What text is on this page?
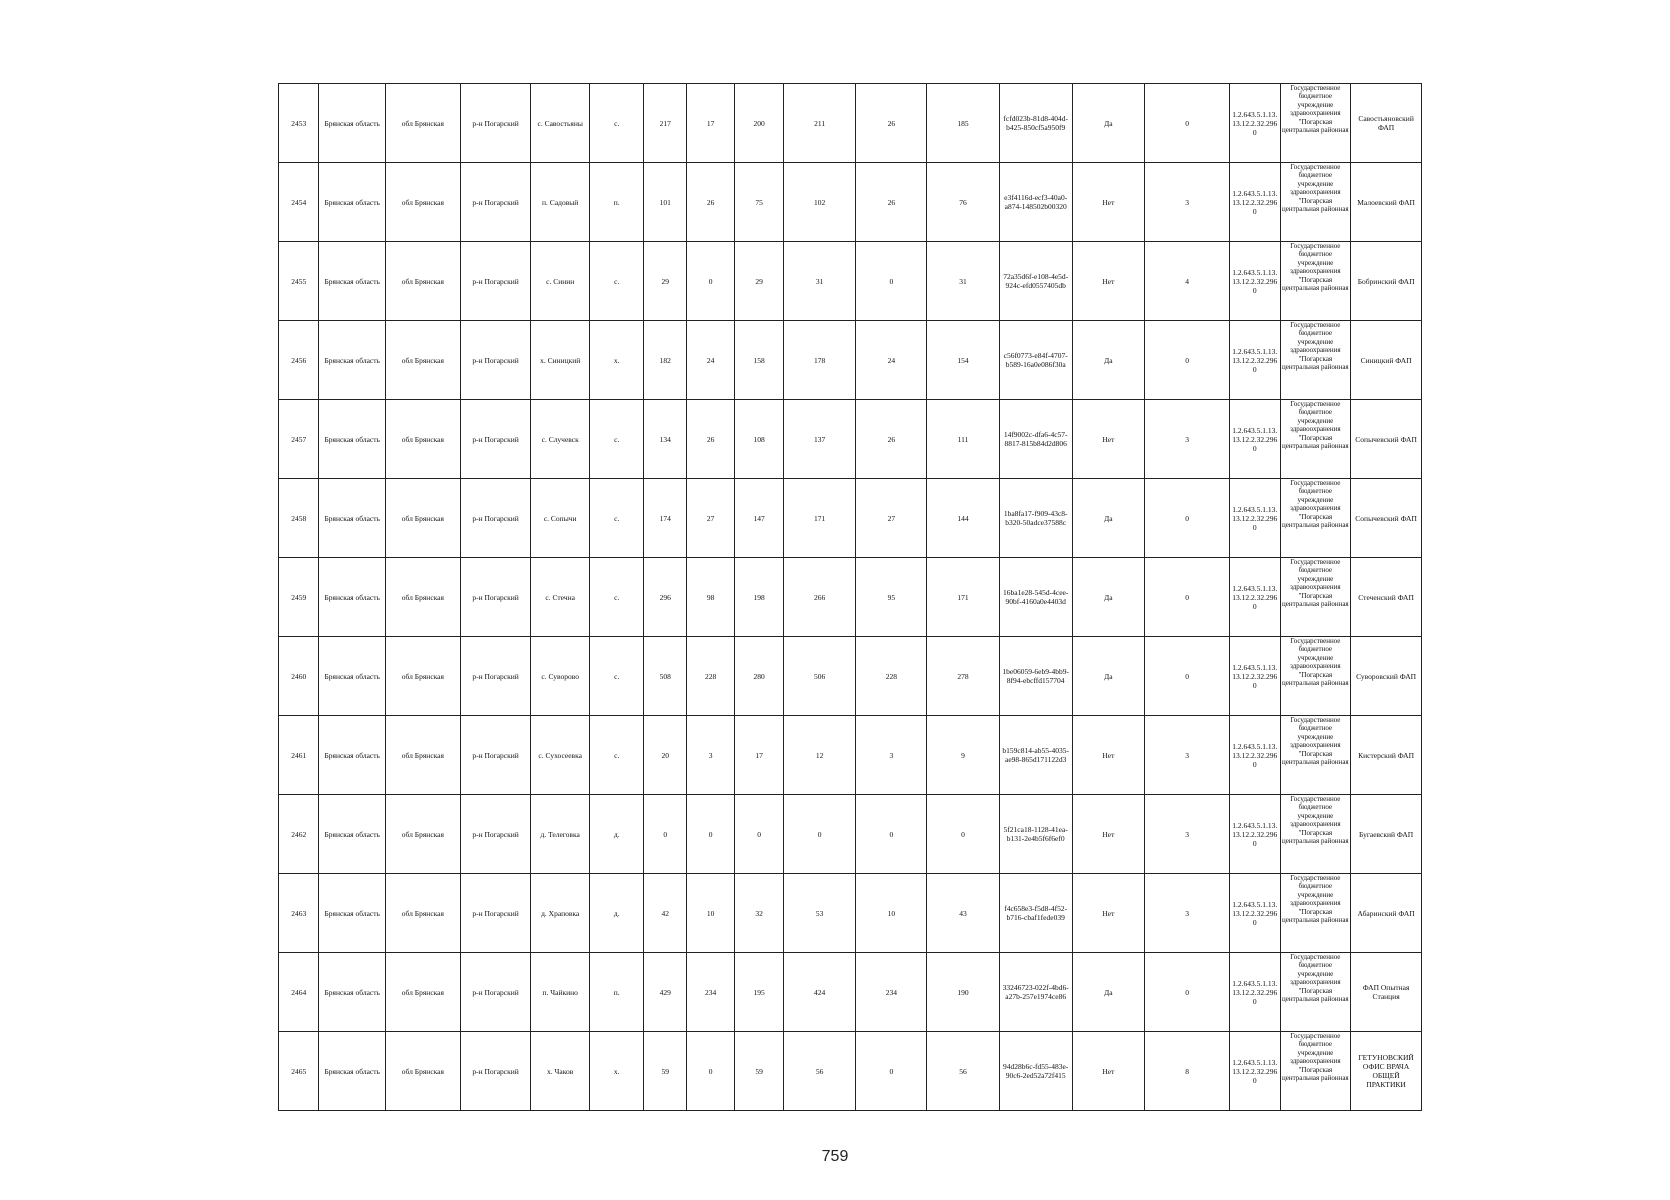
2453	Брянская область	обл Брянская	р-н Погарский	с. Савостьяны	с.	217	17	200	211	26	185	fcfd023b-81d8-404d-b425-850cf5a950f9	Да	0	1.2.643.5.1.13.13.12.2.32.2960	Государственное бюджетное учреждение здравоохранения "Погарская центральная районная	Савостьяновский ФАП
2454	Брянская область	обл Брянская	р-н Погарский	п. Садовый	п.	101	26	75	102	26	76	e3f4116d-ecf3-40a0-a874-148502b00320	Нет	3	1.2.643.5.1.13.13.12.2.32.2960	Государственное бюджетное учреждение здравоохранения "Погарская центральная районная	Малоевский ФАП
2455	Брянская область	обл Брянская	р-н Погарский	с. Синин	с.	29	0	29	31	0	31	72a35d6f-e108-4e5d-924c-efd0557405db	Нет	4	1.2.643.5.1.13.13.12.2.32.2960	Государственное бюджетное учреждение здравоохранения "Погарская центральная районная	Бобринский ФАП
2456	Брянская область	обл Брянская	р-н Погарский	х. Синицкий	х.	182	24	158	178	24	154	c56f0773-e84f-4707-b589-16a0e086f30a	Да	0	1.2.643.5.1.13.13.12.2.32.2960	Государственное бюджетное учреждение здравоохранения "Погарская центральная районная	Синицкий ФАП
2457	Брянская область	обл Брянская	р-н Погарский	с. Случевск	с.	134	26	108	137	26	111	14f9002c-dfa6-4c57-8817-815b84d2d806	Нет	3	1.2.643.5.1.13.13.12.2.32.2960	Государственное бюджетное учреждение здравоохранения "Погарская центральная районная	Сопычевский ФАП
2458	Брянская область	обл Брянская	р-н Погарский	с. Сопычи	с.	174	27	147	171	27	144	1ba8fa17-f909-43c8-b320-50adce37588c	Да	0	1.2.643.5.1.13.13.12.2.32.2960	Государственное бюджетное учреждение здравоохранения "Погарская центральная районная	Сопычевский ФАП
2459	Брянская область	обл Брянская	р-н Погарский	с. Стечна	с.	296	98	198	266	95	171	16ba1e28-545d-4cee-90bf-4160a0e4403d	Да	0	1.2.643.5.1.13.13.12.2.32.2960	Государственное бюджетное учреждение здравоохранения "Погарская центральная районная	Стеченский ФАП
2460	Брянская область	обл Брянская	р-н Погарский	с. Суворово	с.	508	228	280	506	228	278	1be06059-6eb9-4bb9-8f94-ebcffd157704	Да	0	1.2.643.5.1.13.13.12.2.32.2960	Государственное бюджетное учреждение здравоохранения "Погарская центральная районная	Суворовский ФАП
2461	Брянская область	обл Брянская	р-н Погарский	с. Сухосеевка	с.	20	3	17	12	3	9	b159c814-ab55-4035-ae98-865d171122d3	Нет	3	1.2.643.5.1.13.13.12.2.32.2960	Государственное бюджетное учреждение здравоохранения "Погарская центральная районная	Кистерский ФАП
2462	Брянская область	обл Брянская	р-н Погарский	д. Телеговка	д.	0	0	0	0	0	0	5f21ca18-1128-41ea-b131-2e4b5f6f6ef0	Нет	3	1.2.643.5.1.13.13.12.2.32.2960	Государственное бюджетное учреждение здравоохранения "Погарская центральная районная	Бугаевский ФАП
2463	Брянская область	обл Брянская	р-н Погарский	д. Храповка	д.	42	10	32	53	10	43	f4c658e3-f5d8-4f52-b716-cbaf1fede039	Нет	3	1.2.643.5.1.13.13.12.2.32.2960	Государственное бюджетное учреждение здравоохранения "Погарская центральная районная	Абаринский ФАП
2464	Брянская область	обл Брянская	р-н Погарский	п. Чайкино	п.	429	234	195	424	234	190	33246723-022f-4bd6-a27b-257e1974ce86	Да	0	1.2.643.5.1.13.13.12.2.32.2960	Государственное бюджетное учреждение здравоохранения "Погарская центральная районная	ФАП Опытная Станция
2465	Брянская область	обл Брянская	р-н Погарский	х. Чаков	х.	59	0	59	56	0	56	94d28b6c-fd55-483e-90c6-2ed52a72f415	Нет	8	1.2.643.5.1.13.13.12.2.32.2960	Государственное бюджетное учреждение здравоохранения "Погарская центральная районная	ГЕТУНОВСКИЙ ОФИС ВРАЧА ОБЩЕЙ ПРАКТИКИ
759
